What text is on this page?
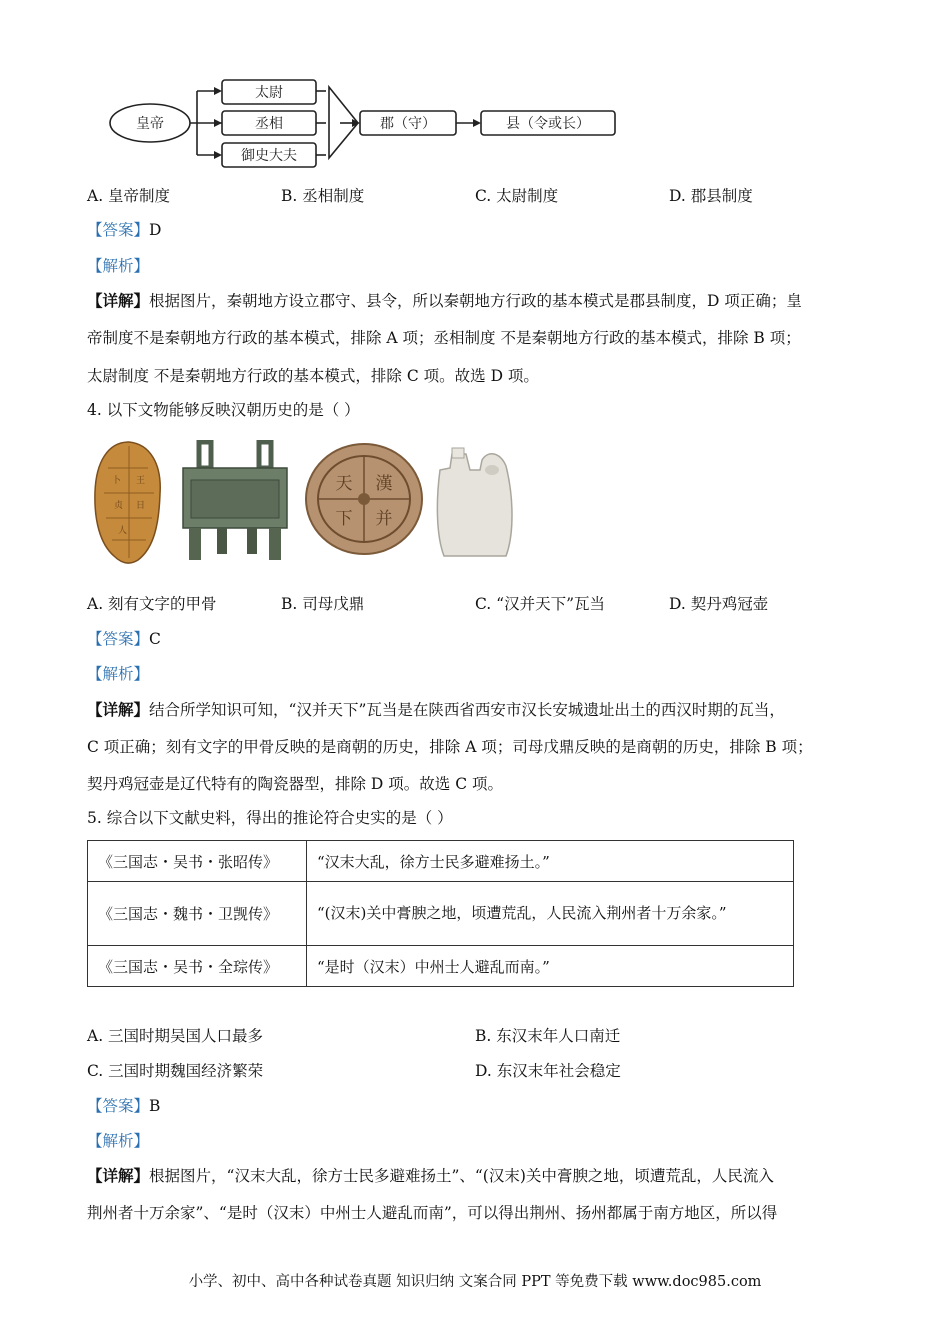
皇帝
太尉
丞相
御史大夫
郡（守）	县（令或长）
A. 皇帝制度	B. 丞相制度	C. 太尉制度	D. 郡县制度
【答案】D
【解析】
【详解】根据图片，秦朝地方设立郡守、县令，所以秦朝地方行政的基本模式是郡县制度，D 项正确；皇
帝制度不是秦朝地方行政的基本模式，排除 A 项；丞相制度 不是秦朝地方行政的基本模式，排除 B 项；
太尉制度 不是秦朝地方行政的基本模式，排除 C 项。故选 D 项。
4. 以下文物能够反映汉朝历史的是（ ）
卜 王
贞 日
人
天 漢
下 并
A. 刻有文字的甲骨	B. 司母戊鼎	C. “汉并天下”瓦当	D. 契丹鸡冠壶
【答案】C
【解析】
【详解】结合所学知识可知，“汉并天下”瓦当是在陕西省西安市汉长安城遗址出土的西汉时期的瓦当，
C 项正确；刻有文字的甲骨反映的是商朝的历史，排除 A 项；司母戊鼎反映的是商朝的历史，排除 B 项；
契丹鸡冠壶是辽代特有的陶瓷器型，排除 D 项。故选 C 项。
5. 综合以下文献史料，得出的推论符合史实的是（ ）
《三国志・吴书・张昭传》	“汉末大乱，徐方士民多避难扬土。”
《三国志・魏书・卫觊传》	“(汉末)关中膏腴之地，顷遭荒乱，人民流入荆州者十万余家。”
《三国志・吴书・全琮传》	“是时（汉末）中州士人避乱而南。”
A. 三国时期吴国人口最多	B. 东汉末年人口南迁
C. 三国时期魏国经济繁荣	D. 东汉末年社会稳定
【答案】B
【解析】
【详解】根据图片，“汉末大乱，徐方士民多避难扬土”、“(汉末)关中膏腴之地，顷遭荒乱，人民流入
荆州者十万余家”、“是时（汉末）中州士人避乱而南”，可以得出荆州、扬州都属于南方地区，所以得
小学、初中、高中各种试卷真题 知识归纳 文案合同 PPT 等免费下载 www.doc985.com
